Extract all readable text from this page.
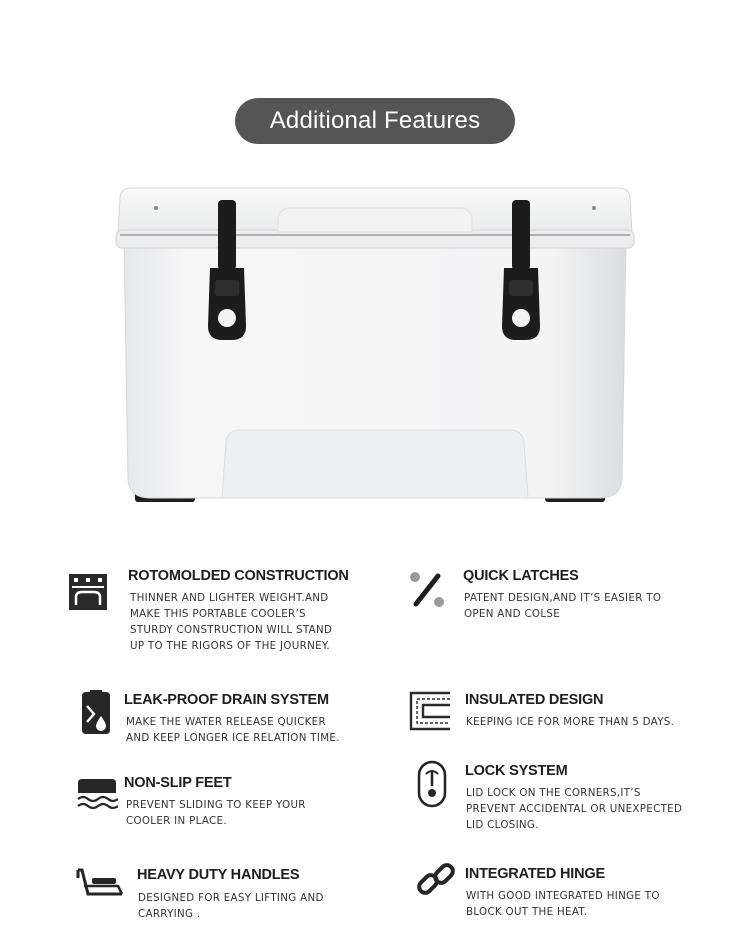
Additional Features
ROTOMOLDED CONSTRUCTION
THINNER AND LIGHTER WEIGHT.AND
MAKE THIS PORTABLE COOLER’S
STURDY CONSTRUCTION WILL STAND
UP TO THE RIGORS OF THE JOURNEY.
QUICK LATCHES
PATENT DESIGN,AND IT’S EASIER TO
OPEN AND COLSE
LEAK-PROOF DRAIN SYSTEM
MAKE THE WATER RELEASE QUICKER
AND KEEP LONGER ICE RELATION TIME.
INSULATED DESIGN
KEEPING ICE FOR MORE THAN 5 DAYS.
NON-SLIP FEET
PREVENT SLIDING TO KEEP YOUR
COOLER IN PLACE.
LOCK SYSTEM
LID LOCK ON THE CORNERS,IT’S
PREVENT ACCIDENTAL OR UNEXPECTED
LID CLOSING.
HEAVY DUTY HANDLES
DESIGNED FOR EASY LIFTING AND
CARRYING .
INTEGRATED HINGE
WITH GOOD INTEGRATED HINGE TO
BLOCK OUT THE HEAT.
